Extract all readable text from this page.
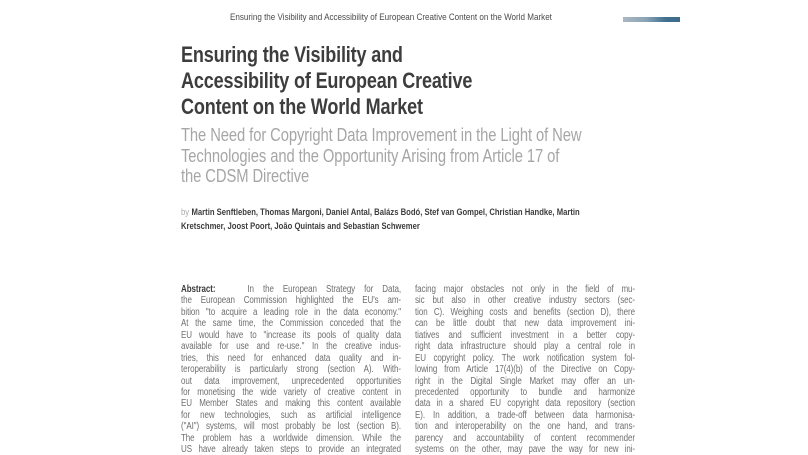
Ensuring the Visibility and Accessibility of European Creative Content on the World Market
Ensuring the Visibility and
Accessibility of European Creative
Content on the World Market
The Need for Copyright Data Improvement in the Light of New
Technologies and the Opportunity Arising from Article 17 of
the CDSM Directive
by Martin Senftleben, Thomas Margoni, Daniel Antal, Balázs Bodó, Stef van Gompel, Christian Handke, Martin
Kretschmer, Joost Poort, João Quintais and Sebastian Schwemer
Abstract:	In the European Strategy for Data,
the European Commission highlighted the EU's am-
bition "to acquire a leading role in the data economy."
At the same time, the Commission conceded that the
EU would have to "increase its pools of quality data
available for use and re-use." In the creative indus-
tries, this need for enhanced data quality and in-
teroperability is particularly strong (section A). With-
out data improvement, unprecedented opportunities
for monetising the wide variety of creative content in
EU Member States and making this content available
for new technologies, such as artificial intelligence
("AI") systems, will most probably be lost (section B).
The problem has a worldwide dimension. While the
US have already taken steps to provide an integrated
facing major obstacles not only in the field of mu-
sic but also in other creative industry sectors (sec-
tion C). Weighing costs and benefits (section D), there
can be little doubt that new data improvement ini-
tiatives and sufficient investment in a better copy-
right data infrastructure should play a central role in
EU copyright policy. The work notification system fol-
lowing from Article 17(4)(b) of the Directive on Copy-
right in the Digital Single Market may offer an un-
precedented opportunity to bundle and harmonize
data in a shared EU copyright data repository (section
E). In addition, a trade-off between data harmonisa-
tion and interoperability on the one hand, and trans-
parency and accountability of content recommender
systems on the other, may pave the way for new ini-
